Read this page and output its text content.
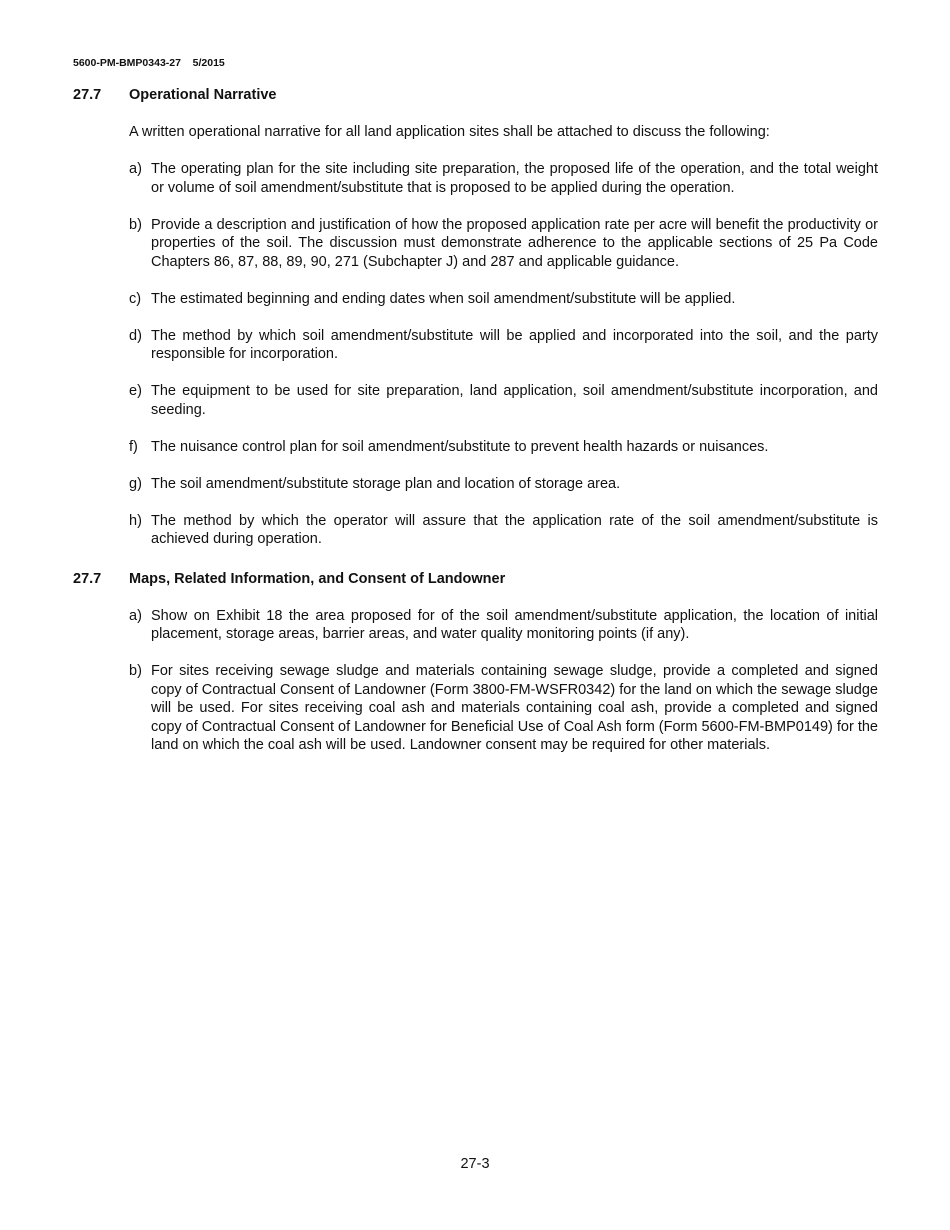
5600-PM-BMP0343-27    5/2015
27.7	Operational Narrative
A written operational narrative for all land application sites shall be attached to discuss the following:
a) The operating plan for the site including site preparation, the proposed life of the operation, and the total weight or volume of soil amendment/substitute that is proposed to be applied during the operation.
b) Provide a description and justification of how the proposed application rate per acre will benefit the productivity or properties of the soil. The discussion must demonstrate adherence to the applicable sections of 25 Pa Code Chapters 86, 87, 88, 89, 90, 271 (Subchapter J) and 287 and applicable guidance.
c) The estimated beginning and ending dates when soil amendment/substitute will be applied.
d) The method by which soil amendment/substitute will be applied and incorporated into the soil, and the party responsible for incorporation.
e) The equipment to be used for site preparation, land application, soil amendment/substitute incorporation, and seeding.
f) The nuisance control plan for soil amendment/substitute to prevent health hazards or nuisances.
g) The soil amendment/substitute storage plan and location of storage area.
h) The method by which the operator will assure that the application rate of the soil amendment/substitute is achieved during operation.
27.7	Maps, Related Information, and Consent of Landowner
a) Show on Exhibit 18 the area proposed for of the soil amendment/substitute application, the location of initial placement, storage areas, barrier areas, and water quality monitoring points (if any).
b) For sites receiving sewage sludge and materials containing sewage sludge, provide a completed and signed copy of Contractual Consent of Landowner (Form 3800-FM-WSFR0342) for the land on which the sewage sludge will be used. For sites receiving coal ash and materials containing coal ash, provide a completed and signed copy of Contractual Consent of Landowner for Beneficial Use of Coal Ash form (Form 5600-FM-BMP0149) for the land on which the coal ash will be used. Landowner consent may be required for other materials.
27-3
